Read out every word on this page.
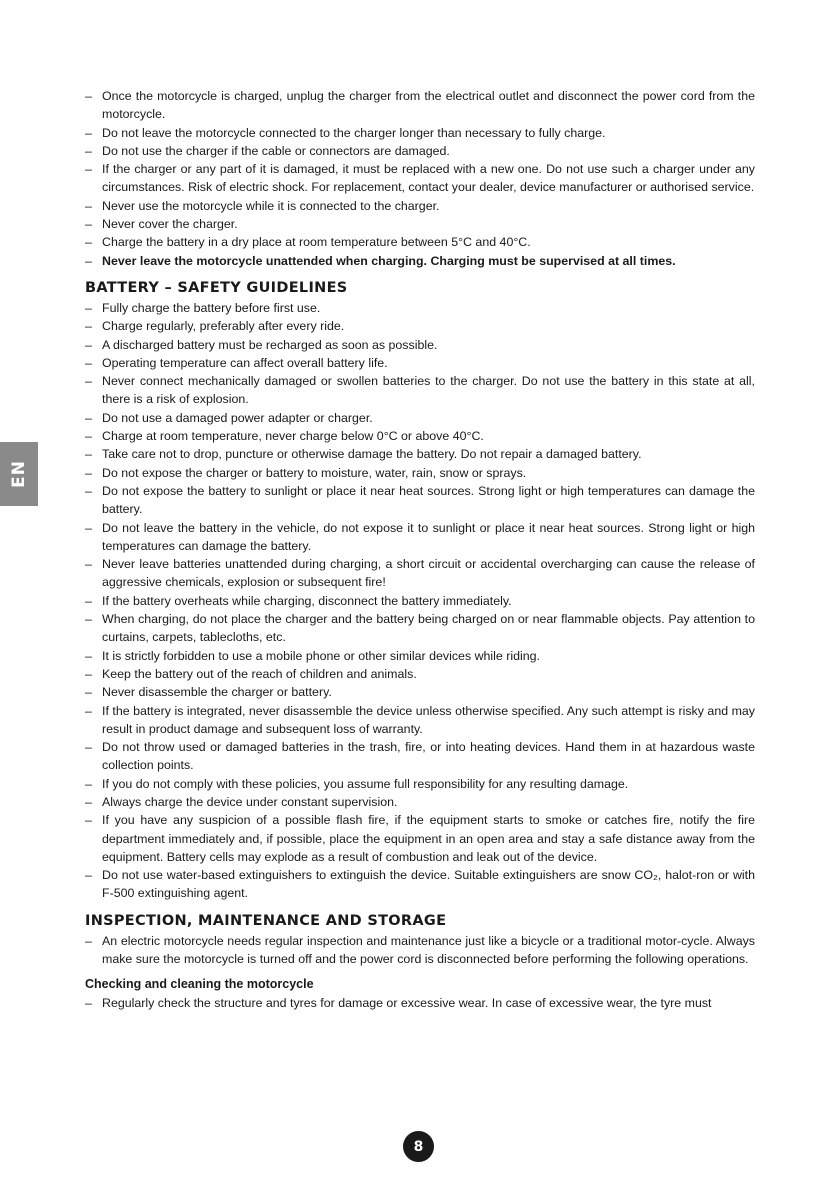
EN
– Once the motorcycle is charged, unplug the charger from the electrical outlet and disconnect the power cord from the motorcycle.
– Do not leave the motorcycle connected to the charger longer than necessary to fully charge.
– Do not use the charger if the cable or connectors are damaged.
– If the charger or any part of it is damaged, it must be replaced with a new one. Do not use such a charger under any circumstances. Risk of electric shock. For replacement, contact your dealer, device manufacturer or authorised service.
– Never use the motorcycle while it is connected to the charger.
– Never cover the charger.
– Charge the battery in a dry place at room temperature between 5°C and 40°C.
– Never leave the motorcycle unattended when charging. Charging must be supervised at all times.
BATTERY – SAFETY GUIDELINES
– Fully charge the battery before first use.
– Charge regularly, preferably after every ride.
– A discharged battery must be recharged as soon as possible.
– Operating temperature can affect overall battery life.
– Never connect mechanically damaged or swollen batteries to the charger. Do not use the battery in this state at all, there is a risk of explosion.
– Do not use a damaged power adapter or charger.
– Charge at room temperature, never charge below 0°C or above 40°C.
– Take care not to drop, puncture or otherwise damage the battery. Do not repair a damaged battery.
– Do not expose the charger or battery to moisture, water, rain, snow or sprays.
– Do not expose the battery to sunlight or place it near heat sources. Strong light or high temperatures can damage the battery.
– Do not leave the battery in the vehicle, do not expose it to sunlight or place it near heat sources. Strong light or high temperatures can damage the battery.
– Never leave batteries unattended during charging, a short circuit or accidental overcharging can cause the release of aggressive chemicals, explosion or subsequent fire!
– If the battery overheats while charging, disconnect the battery immediately.
– When charging, do not place the charger and the battery being charged on or near flammable objects. Pay attention to curtains, carpets, tablecloths, etc.
– It is strictly forbidden to use a mobile phone or other similar devices while riding.
– Keep the battery out of the reach of children and animals.
– Never disassemble the charger or battery.
– If the battery is integrated, never disassemble the device unless otherwise specified. Any such attempt is risky and may result in product damage and subsequent loss of warranty.
– Do not throw used or damaged batteries in the trash, fire, or into heating devices. Hand them in at hazardous waste collection points.
– If you do not comply with these policies, you assume full responsibility for any resulting damage.
– Always charge the device under constant supervision.
– If you have any suspicion of a possible flash fire, if the equipment starts to smoke or catches fire, notify the fire department immediately and, if possible, place the equipment in an open area and stay a safe distance away from the equipment. Battery cells may explode as a result of combustion and leak out of the device.
– Do not use water-based extinguishers to extinguish the device. Suitable extinguishers are snow CO₂, halot-ron or with F-500 extinguishing agent.
INSPECTION, MAINTENANCE AND STORAGE
– An electric motorcycle needs regular inspection and maintenance just like a bicycle or a traditional motor-cycle. Always make sure the motorcycle is turned off and the power cord is disconnected before performing the following operations.
Checking and cleaning the motorcycle
– Regularly check the structure and tyres for damage or excessive wear. In case of excessive wear, the tyre must
8
